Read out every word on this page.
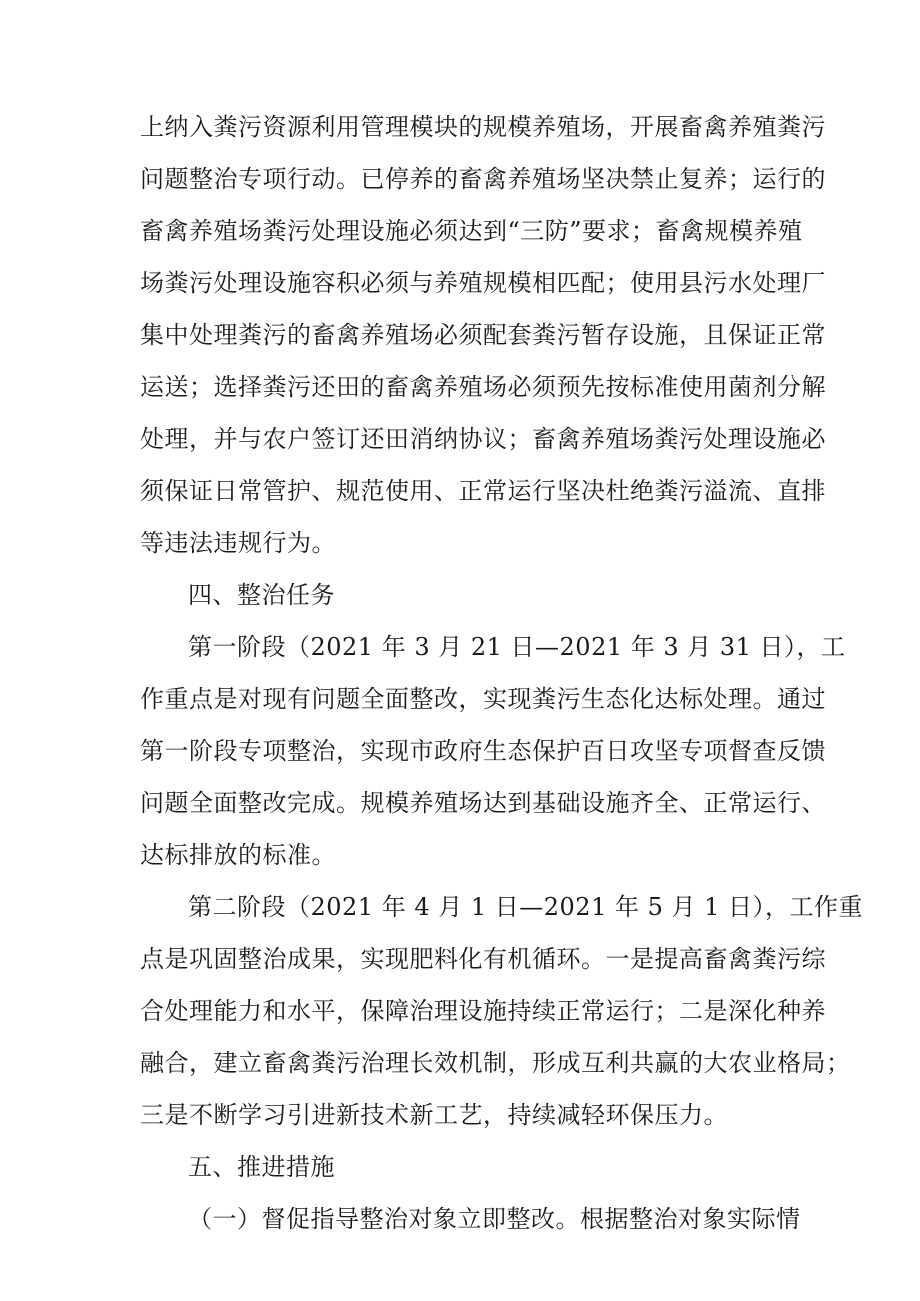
上纳入粪污资源利用管理模块的规模养殖场，开展畜禽养殖粪污
问题整治专项行动。已停养的畜禽养殖场坚决禁止复养；运行的
畜禽养殖场粪污处理设施必须达到“三防”要求；畜禽规模养殖
场粪污处理设施容积必须与养殖规模相匹配；使用县污水处理厂
集中处理粪污的畜禽养殖场必须配套粪污暂存设施，且保证正常
运送；选择粪污还田的畜禽养殖场必须预先按标准使用菌剂分解
处理，并与农户签订还田消纳协议；畜禽养殖场粪污处理设施必
须保证日常管护、规范使用、正常运行坚决杜绝粪污溢流、直排
等违法违规行为。
四、整治任务
第一阶段（2021 年 3 月 21 日—2021 年 3 月 31 日），工
作重点是对现有问题全面整改，实现粪污生态化达标处理。通过
第一阶段专项整治，实现市政府生态保护百日攻坚专项督查反馈
问题全面整改完成。规模养殖场达到基础设施齐全、正常运行、
达标排放的标准。
第二阶段（2021 年 4 月 1 日—2021 年 5 月 1 日），工作重
点是巩固整治成果，实现肥料化有机循环。一是提高畜禽粪污综
合处理能力和水平，保障治理设施持续正常运行；二是深化种养
融合，建立畜禽粪污治理长效机制，形成互利共赢的大农业格局；
三是不断学习引进新技术新工艺，持续减轻环保压力。
五、推进措施
（一）督促指导整治对象立即整改。根据整治对象实际情
